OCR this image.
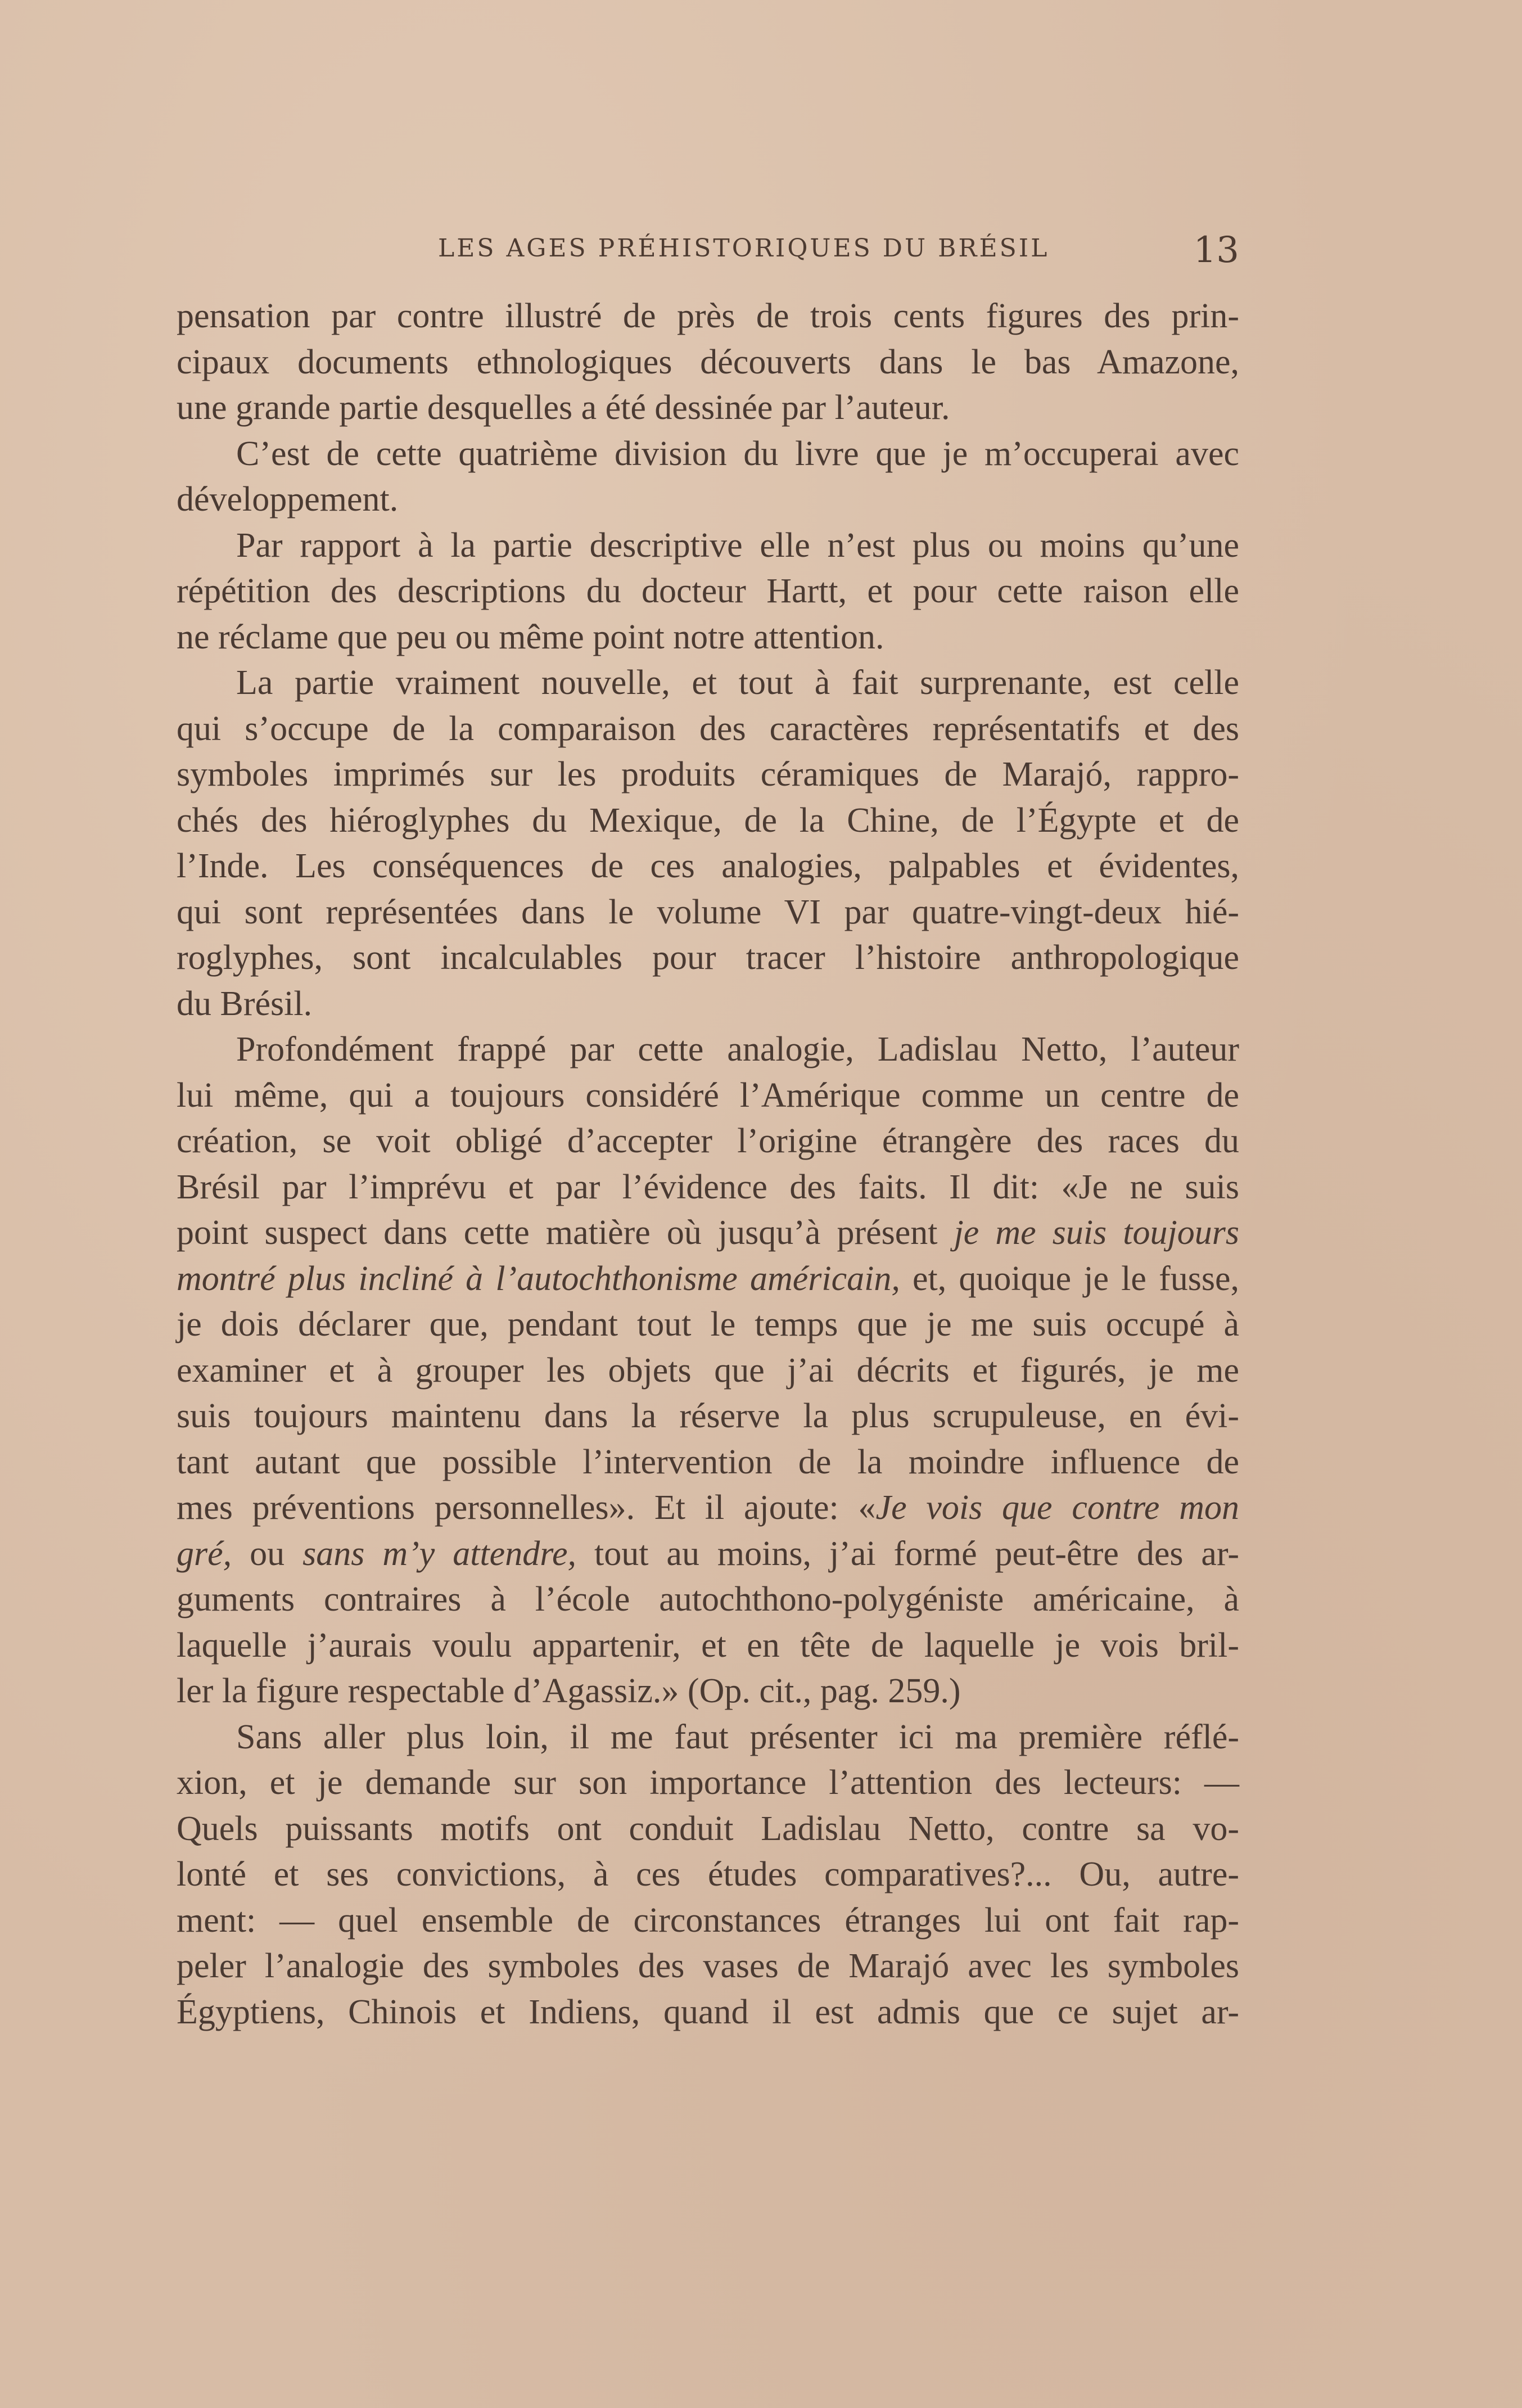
LES AGES PRÉHISTORIQUES DU BRÉSIL	13
pensation par contre illustré de près de trois cents figures des prin-
cipaux documents ethnologiques découverts dans le bas Amazone,
une grande partie desquelles a été dessinée par l’auteur.
C’est de cette quatrième division du livre que je m’occuperai avec
développement.
Par rapport à la partie descriptive elle n’est plus ou moins qu’une
répétition des descriptions du docteur Hartt, et pour cette raison elle
ne réclame que peu ou même point notre attention.
La partie vraiment nouvelle, et tout à fait surprenante, est celle
qui s’occupe de la comparaison des caractères représentatifs et des
symboles imprimés sur les produits céramiques de Marajó, rappro-
chés des hiéroglyphes du Mexique, de la Chine, de l’Égypte et de
l’Inde. Les conséquences de ces analogies, palpables et évidentes,
qui sont représentées dans le volume VI par quatre-vingt-deux hié-
roglyphes, sont incalculables pour tracer l’histoire anthropologique
du Brésil.
Profondément frappé par cette analogie, Ladislau Netto, l’auteur
lui même, qui a toujours considéré l’Amérique comme un centre de
création, se voit obligé d’accepter l’origine étrangère des races du
Brésil par l’imprévu et par l’évidence des faits. Il dit: «Je ne suis
point suspect dans cette matière où jusqu’à présent je me suis toujours
montré plus incliné à l’autochthonisme américain, et, quoique je le fusse,
je dois déclarer que, pendant tout le temps que je me suis occupé à
examiner et à grouper les objets que j’ai décrits et figurés, je me
suis toujours maintenu dans la réserve la plus scrupuleuse, en évi-
tant autant que possible l’intervention de la moindre influence de
mes préventions personnelles». Et il ajoute: «Je vois que contre mon
gré, ou sans m’y attendre, tout au moins, j’ai formé peut-être des ar-
guments contraires à l’école autochthono-polygéniste américaine, à
laquelle j’aurais voulu appartenir, et en tête de laquelle je vois bril-
ler la figure respectable d’Agassiz.» (Op. cit., pag. 259.)
Sans aller plus loin, il me faut présenter ici ma première réflé-
xion, et je demande sur son importance l’attention des lecteurs: —
Quels puissants motifs ont conduit Ladislau Netto, contre sa vo-
lonté et ses convictions, à ces études comparatives?... Ou, autre-
ment: — quel ensemble de circonstances étranges lui ont fait rap-
peler l’analogie des symboles des vases de Marajó avec les symboles
Égyptiens, Chinois et Indiens, quand il est admis que ce sujet ar-
